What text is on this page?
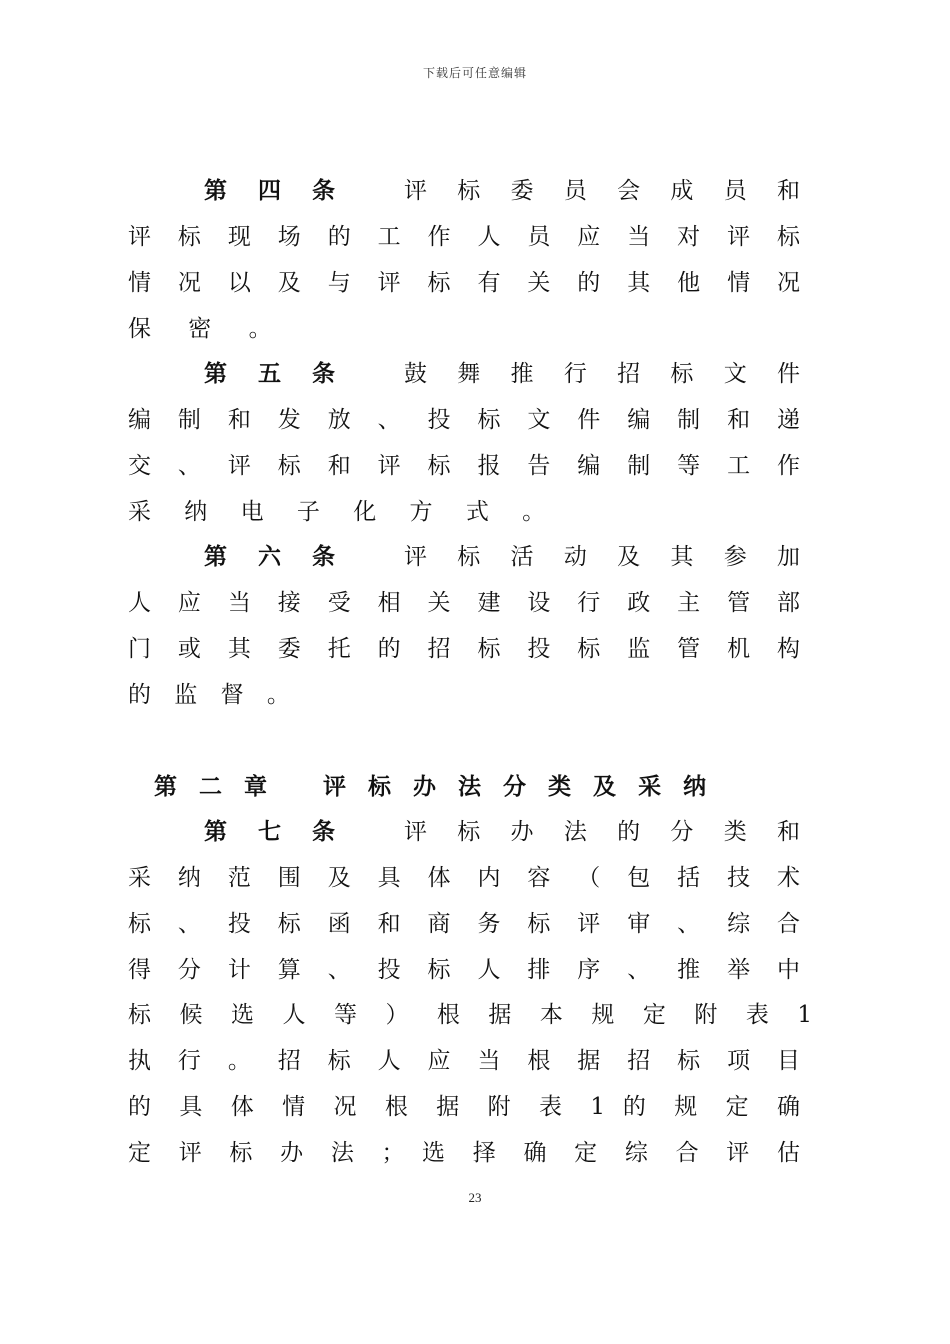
下载后可任意编辑
第 四 条 评 标 委 员 会 成 员 和
评 标 现 场 的 工 作 人 员 应 当 对 评 标
情 况 以 及 与 评 标 有 关 的 其 他 情 况
保 密 。
第 五 条 鼓 舞 推 行 招 标 文 件
编 制 和 发 放 、 投 标 文 件 编 制 和 递
交 、 评 标 和 评 标 报 告 编 制 等 工 作
采 纳 电 子 化 方 式 。
第 六 条 评 标 活 动 及 其 参 加
人 应 当 接 受 相 关 建 设 行 政 主 管 部
门 或 其 委 托 的 招 标 投 标 监 管 机 构
的 监 督 。
第 二 章 评 标 办 法 分 类 及 采 纳
第 七 条 评 标 办 法 的 分 类 和
采 纳 范 围 及 具 体 内 容 （ 包 括 技 术
标 、 投 标 函 和 商 务 标 评 审 、 综 合
得 分 计 算 、 投 标 人 排 序 、 推 举 中
标 候 选 人 等 ） 根 据 本 规 定 附 表 1
执 行 。 招 标 人 应 当 根 据 招 标 项 目
的 具 体 情 况 根 据 附 表 1 的 规 定 确
定 评 标 办 法 ； 选 择 确 定 综 合 评 估
23
